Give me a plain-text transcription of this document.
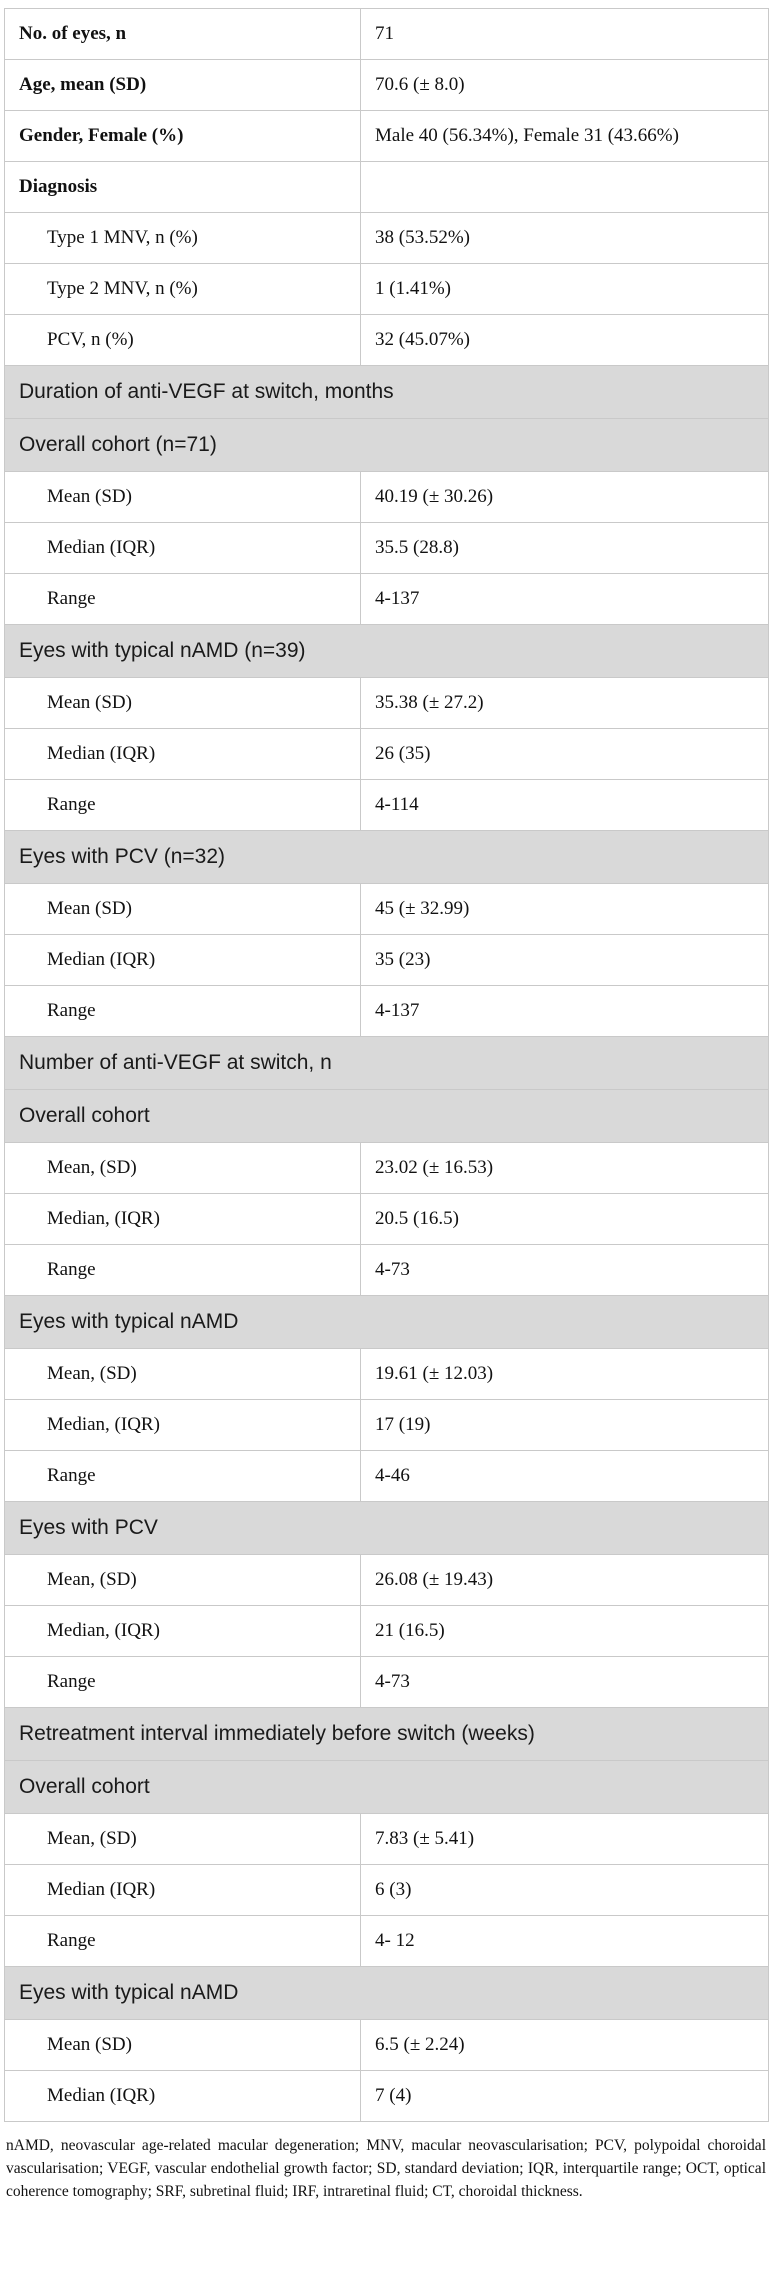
No. of eyes, n	71
Age, mean (SD)	70.6 (± 8.0)
Gender, Female (%)	Male 40 (56.34%), Female 31 (43.66%)
Diagnosis	
Type 1 MNV, n (%)	38 (53.52%)
Type 2 MNV, n (%)	1 (1.41%)
PCV, n (%)	32 (45.07%)
Duration of anti-VEGF at switch, months	
Overall cohort (n=71)	
Mean (SD)	40.19 (± 30.26)
Median (IQR)	35.5 (28.8)
Range	4-137
Eyes with typical nAMD (n=39)	
Mean (SD)	35.38 (± 27.2)
Median (IQR)	26 (35)
Range	4-114
Eyes with PCV (n=32)	
Mean (SD)	45 (± 32.99)
Median (IQR)	35 (23)
Range	4-137
Number of anti-VEGF at switch, n	
Overall cohort	
Mean, (SD)	23.02 (± 16.53)
Median, (IQR)	20.5 (16.5)
Range	4-73
Eyes with typical nAMD	
Mean, (SD)	19.61 (± 12.03)
Median, (IQR)	17 (19)
Range	4-46
Eyes with PCV	
Mean, (SD)	26.08 (± 19.43)
Median, (IQR)	21 (16.5)
Range	4-73
Retreatment interval immediately before switch (weeks)	
Overall cohort	
Mean, (SD)	7.83 (± 5.41)
Median (IQR)	6 (3)
Range	4- 12
Eyes with typical nAMD	
Mean (SD)	6.5 (± 2.24)
Median (IQR)	7 (4)
nAMD, neovascular age-related macular degeneration; MNV, macular neovascularisation; PCV, polypoidal choroidal vascularisation; VEGF, vascular endothelial growth factor; SD, standard deviation; IQR, interquartile range; OCT, optical coherence tomography; SRF, subretinal fluid; IRF, intraretinal fluid; CT, choroidal thickness.
